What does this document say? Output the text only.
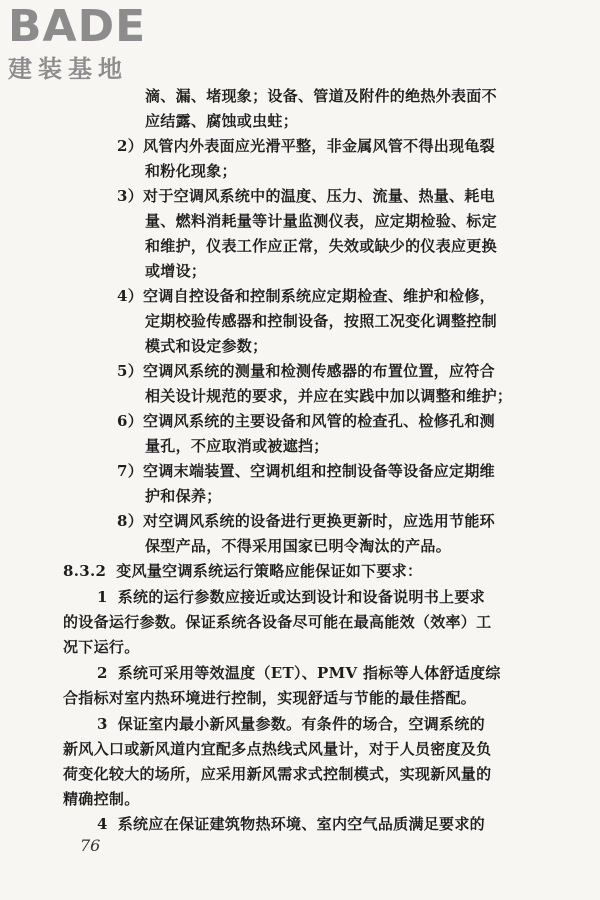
BADE
建装基地
滴、漏、堵现象；设备、管道及附件的绝热外表面不
应结露、腐蚀或虫蛀；
2）风管内外表面应光滑平整，非金属风管不得出现龟裂
和粉化现象；
3）对于空调风系统中的温度、压力、流量、热量、耗电
量、燃料消耗量等计量监测仪表，应定期检验、标定
和维护，仪表工作应正常，失效或缺少的仪表应更换
或增设；
4）空调自控设备和控制系统应定期检查、维护和检修，
定期校验传感器和控制设备，按照工况变化调整控制
模式和设定参数；
5）空调风系统的测量和检测传感器的布置位置，应符合
相关设计规范的要求，并应在实践中加以调整和维护；
6）空调风系统的主要设备和风管的检查孔、检修孔和测
量孔，不应取消或被遮挡；
7）空调末端装置、空调机组和控制设备等设备应定期维
护和保养；
8）对空调风系统的设备进行更换更新时，应选用节能环
保型产品，不得采用国家已明令淘汰的产品。
8.3.2 变风量空调系统运行策略应能保证如下要求：
1 系统的运行参数应接近或达到设计和设备说明书上要求
的设备运行参数。保证系统各设备尽可能在最高能效（效率）工
况下运行。
2 系统可采用等效温度（ET）、PMV 指标等人体舒适度综
合指标对室内热环境进行控制，实现舒适与节能的最佳搭配。
3 保证室内最小新风量参数。有条件的场合，空调系统的
新风入口或新风道内宜配多点热线式风量计，对于人员密度及负
荷变化较大的场所，应采用新风需求式控制模式，实现新风量的
精确控制。
4 系统应在保证建筑物热环境、室内空气品质满足要求的
76
